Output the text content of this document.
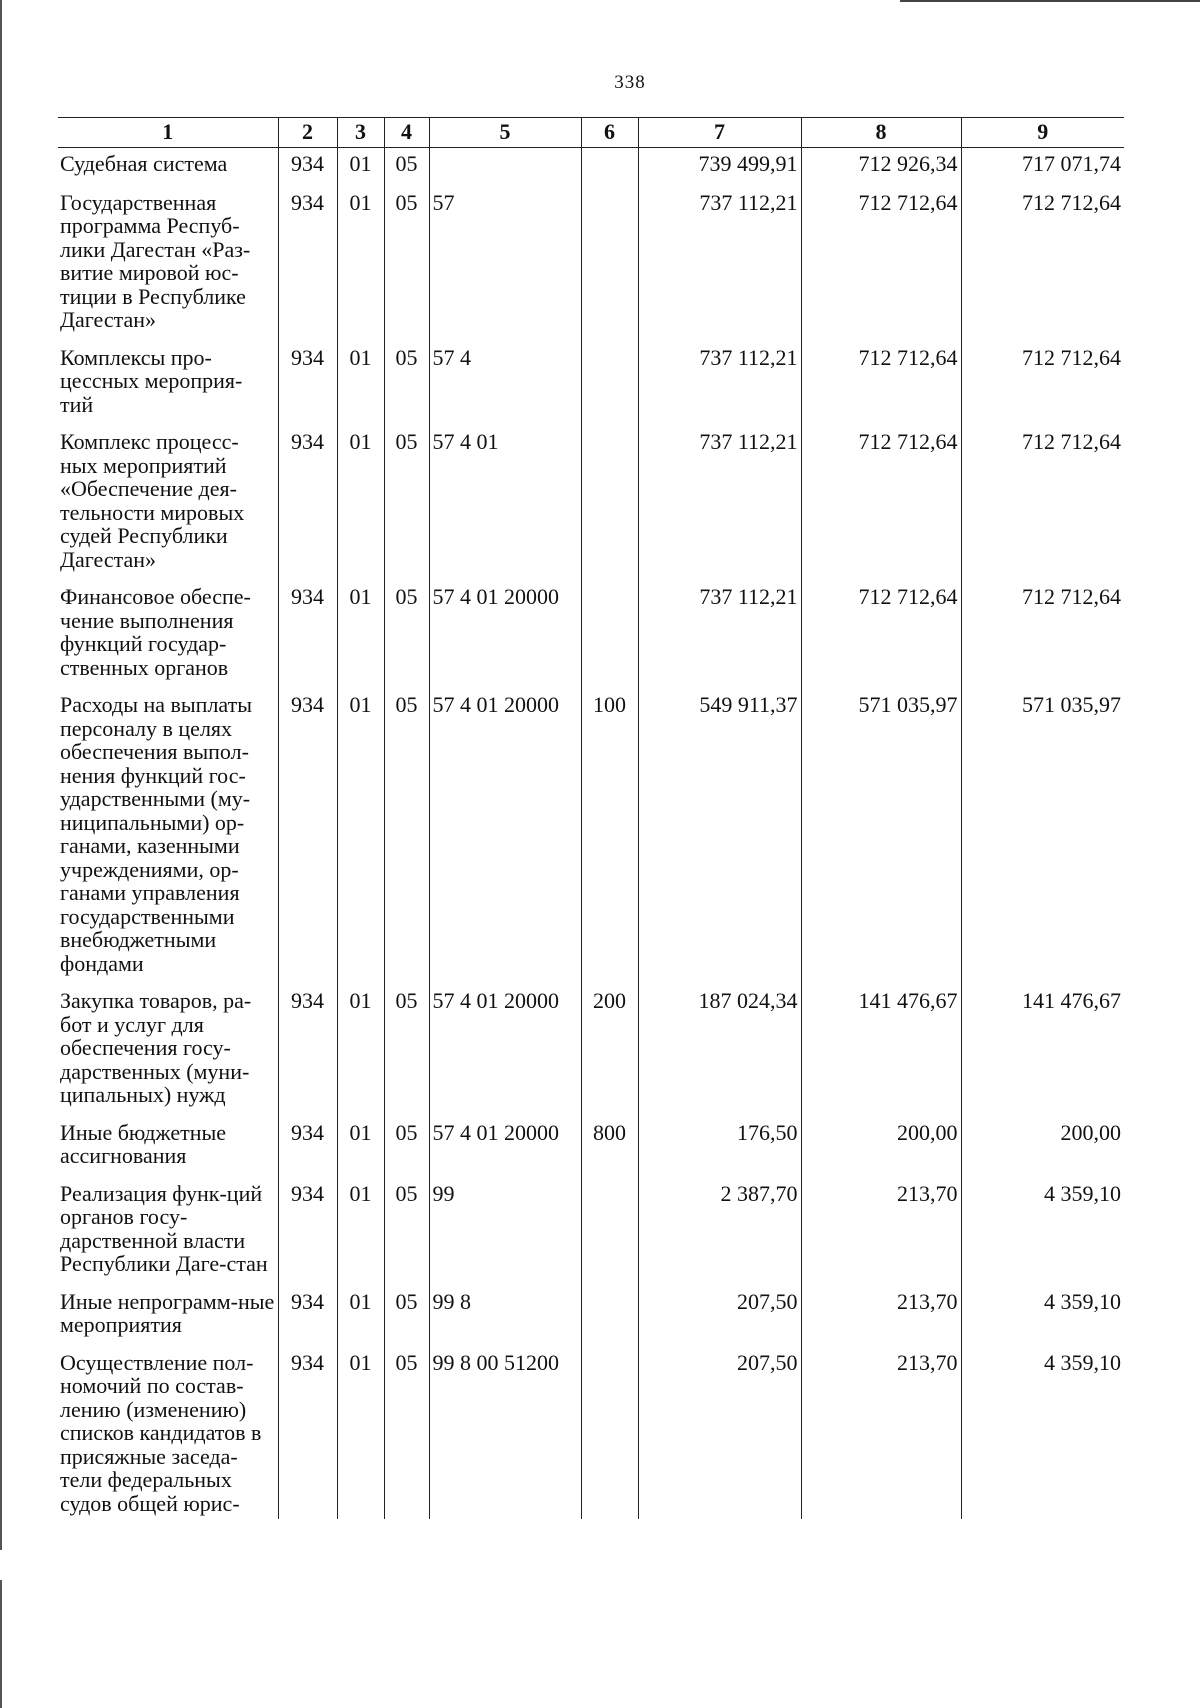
338
1	2	3	4	5	6	7	8	9
Судебная система	934	01	05			739 499,91	712 926,34	717 071,74
Государственная программа Респуб-лики Дагестан «Раз-витие мировой юс-тиции в Республике Дагестан»	934	01	05	57		737 112,21	712 712,64	712 712,64
Комплексы про-цессных мероприя-тий	934	01	05	57 4		737 112,21	712 712,64	712 712,64
Комплекс процесс-ных мероприятий «Обеспечение дея-тельности мировых судей Республики Дагестан»	934	01	05	57 4 01		737 112,21	712 712,64	712 712,64
Финансовое обеспе-чение выполнения функций государ-ственных органов	934	01	05	57 4 01 20000		737 112,21	712 712,64	712 712,64
Расходы на выплаты персоналу в целях обеспечения выпол-нения функций гос-ударственными (му-ниципальными) ор-ганами, казенными учреждениями, ор-ганами управления государственными внебюджетными фондами	934	01	05	57 4 01 20000	100	549 911,37	571 035,97	571 035,97
Закупка товаров, ра-бот и услуг для обеспечения госу-дарственных (муни-ципальных) нужд	934	01	05	57 4 01 20000	200	187 024,34	141 476,67	141 476,67
Иные бюджетные ассигнования	934	01	05	57 4 01 20000	800	176,50	200,00	200,00
Реализация функ-ций органов госу-дарственной власти Республики Даге-стан	934	01	05	99		2 387,70	213,70	4 359,10
Иные непрограмм-ные мероприятия	934	01	05	99 8		207,50	213,70	4 359,10
Осуществление пол-номочий по состав-лению (изменению) списков кандидатов в присяжные заседа-тели федеральных судов общей юрис-	934	01	05	99 8 00 51200		207,50	213,70	4 359,10
